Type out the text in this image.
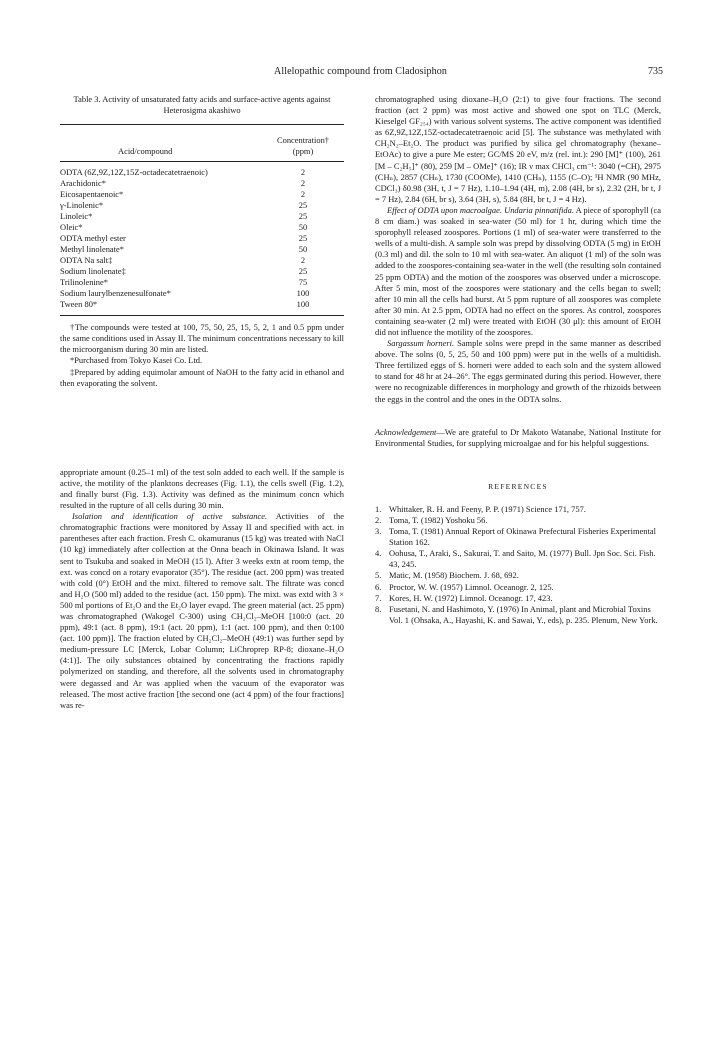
Allelopathic compound from Cladosiphon	735

Table 3. Activity of unsaturated fatty acids and surface-active agents against Heterosigma akashiwo

Acid/compound	Concentration†
(ppm)

ODTA (6Z,9Z,12Z,15Z-octadecatetraenoic)	2
Arachidonic*	2
Eicosapentaenoic*	2
γ-Linolenic*	25
Linoleic*	25
Oleic*	50
ODTA methyl ester	25
Methyl linolenate*	50
ODTA Na salt‡	2
Sodium linolenate‡	25
Trilinolenine*	75
Sodium laurylbenzenesulfonate*	100
Tween 80*	100

†The compounds were tested at 100, 75, 50, 25, 15, 5, 2, 1 and 0.5 ppm under the same conditions used in Assay II. The minimum concentrations necessary to kill the microorganism during 30 min are listed.

*Purchased from Tokyo Kasei Co. Ltd.

‡Prepared by adding equimolar amount of NaOH to the fatty acid in ethanol and then evaporating the solvent.

appropriate amount (0.25–1 ml) of the test soln added to each well. If the sample is active, the motility of the planktons decreases (Fig. 1.1), the cells swell (Fig. 1.2), and finally burst (Fig. 1.3). Activity was defined as the minimum concn which resulted in the rupture of all cells during 30 min.

Isolation and identification of active substance. Activities of the chromatographic fractions were monitored by Assay II and specified with act. in parentheses after each fraction. Fresh C. okamuranus (15 kg) was treated with NaCl (10 kg) immediately after collection at the Onna beach in Okinawa Island. It was sent to Tsukuba and soaked in MeOH (15 l). After 3 weeks extn at room temp, the ext. was concd on a rotary evaporator (35°). The residue (act. 200 ppm) was treated with cold (0°) EtOH and the mixt. filtered to remove salt. The filtrate was concd and H₂O (500 ml) added to the residue (act. 150 ppm). The mixt. was extd with 3 × 500 ml portions of Et₂O and the Et₂O layer evapd. The green material (act. 25 ppm) was chromatographed (Wakogel C-300) using CH₂Cl₂–MeOH [100:0 (act. 20 ppm), 49:1 (act. 8 ppm), 19:1 (act. 20 ppm), 1:1 (act. 100 ppm), and then 0:100 (act. 100 ppm)]. The fraction eluted by CH₂Cl₂–MeOH (49:1) was further sepd by medium-pressure LC [Merck, Lobar Column; LiChroprep RP-8; dioxane–H₂O (4:1)]. The oily substances obtained by concentrating the fractions rapidly polymerized on standing, and therefore, all the solvents used in chromatography were degassed and Ar was applied when the vacuum of the evaporator was released. The most active fraction [the second one (act 4 ppm) of the four fractions] was re-

chromatographed using dioxane–H₂O (2:1) to give four fractions. The second fraction (act 2 ppm) was most active and showed one spot on TLC (Merck, Kieselgel GF₂₅₄) with various solvent systems. The active component was identified as 6Z,9Z,12Z,15Z-octadecatetraenoic acid [5]. The substance was methylated with CH₂N₂–Et₂O. The product was purified by silica gel chromatography (hexane–EtOAc) to give a pure Me ester; GC/MS 20 eV, m/z (rel. int.): 290 [M]⁺ (100), 261 [M – C₂H₅]⁺ (80), 259 [M – OMe]⁺ (16); IR ν max CHCl₃ cm⁻¹: 3040 (=CH), 2975 (CHₙ), 2857 (CHₙ), 1730 (COOMe), 1410 (CHₙ), 1155 (C–O); ¹H NMR (90 MHz, CDCl₃) δ0.98 (3H, t, J = 7 Hz), 1.10–1.94 (4H, m), 2.08 (4H, br s), 2.32 (2H, br t, J = 7 Hz), 2.84 (6H, br s), 3.64 (3H, s), 5.84 (8H, br t, J = 4 Hz).

Effect of ODTA upon macroalgae. Undaria pinnatifida. A piece of sporophyll (ca 8 cm diam.) was soaked in sea-water (50 ml) for 1 hr, during which time the sporophyll released zoospores. Portions (1 ml) of sea-water were transferred to the wells of a multi-dish. A sample soln was prepd by dissolving ODTA (5 mg) in EtOH (0.3 ml) and dil. the soln to 10 ml with sea-water. An aliquot (1 ml) of the soln was added to the zoospores-containing sea-water in the well (the resulting soln contained 25 ppm ODTA) and the motion of the zoospores was observed under a microscope. After 5 min, most of the zoospores were stationary and the cells began to swell; after 10 min all the cells had burst. At 5 ppm rupture of all zoospores was complete after 30 min. At 2.5 ppm, ODTA had no effect on the spores. As control, zoospores containing sea-water (2 ml) were treated with EtOH (30 μl): this amount of EtOH did not influence the motility of the zoospores.

Sargassum horneri. Sample solns were prepd in the same manner as described above. The solns (0, 5, 25, 50 and 100 ppm) were put in the wells of a multidish. Three fertilized eggs of S. horneri were added to each soln and the system allowed to stand for 48 hr at 24–26°. The eggs germinated during this period. However, there were no recognizable differences in morphology and growth of the rhizoids between the eggs in the control and the ones in the ODTA solns.

Acknowledgement—We are grateful to Dr Makoto Watanabe, National Institute for Environmental Studies, for supplying microalgae and for his helpful suggestions.

REFERENCES
1. Whittaker, R. H. and Feeny, P. P. (1971) Science 171, 757.
2. Toma, T. (1982) Yoshoku 56.
3. Toma, T. (1981) Annual Report of Okinawa Prefectural Fisheries Experimental Station 162.
4. Oohusa, T., Araki, S., Sakurai, T. and Saito, M. (1977) Bull. Jpn Soc. Sci. Fish. 43, 245.
5. Matic, M. (1958) Biochem. J. 68, 692.
6. Proctor, W. W. (1957) Limnol. Oceanogr. 2, 125.
7. Kores, H. W. (1972) Limnol. Oceanogr. 17, 423.
8. Fusetani, N. and Hashimoto, Y. (1976) In Animal, plant and Microbial Toxins Vol. 1 (Ohsaka, A., Hayashi, K. and Sawai, Y., eds), p. 235. Plenum, New York.
